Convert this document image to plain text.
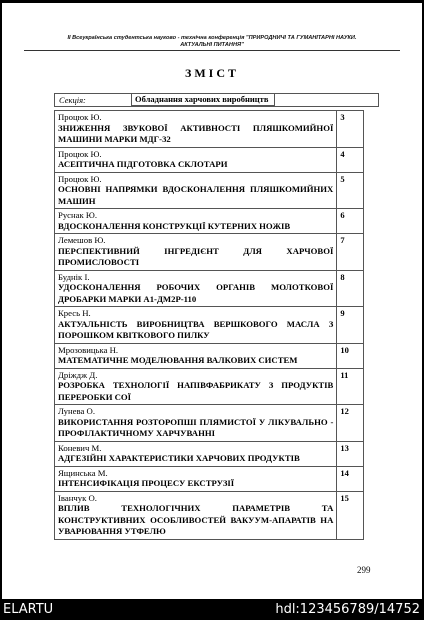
II Всеукраїнська студентська науково - технічна конференція "ПРИРОДНИЧІ ТА ГУМАНІТАРНІ НАУКИ.
АКТУАЛЬНІ ПИТАННЯ"
ЗМІСТ
Секція:	Обладнання харчових виробництв
Процюк Ю.
ЗНИЖЕННЯ ЗВУКОВОЇ АКТИВНОСТІ ПЛЯШКОМИЙНОЇ МАШИНИ МАРКИ МДГ-32	3

Процюк Ю.
АСЕПТИЧНА ПІДГОТОВКА СКЛОТАРИ	4

Процюк Ю.
ОСНОВНІ НАПРЯМКИ ВДОСКОНАЛЕННЯ ПЛЯШКОМИЙНИХ МАШИН	5

Руснак Ю.
ВДОСКОНАЛЕННЯ КОНСТРУКЦІЇ КУТЕРНИХ НОЖІВ	6

Лемешов Ю.
ПЕРСПЕКТИВНИЙ ІНГРЕДІЄНТ ДЛЯ ХАРЧОВОЇ ПРОМИСЛОВОСТІ	7

Буднік І.
УДОСКОНАЛЕННЯ РОБОЧИХ ОРГАНІВ МОЛОТКОВОЇ ДРОБАРКИ МАРКИ А1-ДМ2Р-110	8

Кресь Н.
АКТУАЛЬНІСТЬ ВИРОБНИЦТВА ВЕРШКОВОГО МАСЛА З ПОРОШКОМ КВІТКОВОГО ПИЛКУ	9

Мрозовицька Н.
МАТЕМАТИЧНЕ МОДЕЛЮВАННЯ ВАЛКОВИХ СИСТЕМ	10

Дріждж Д.
РОЗРОБКА ТЕХНОЛОГІЇ НАПІВФАБРИКАТУ З ПРОДУКТІВ ПЕРЕРОБКИ СОЇ	11

Лунева О.
ВИКОРИСТАННЯ РОЗТОРОПШІ ПЛЯМИСТОЇ У ЛІКУВАЛЬНО - ПРОФІЛАКТИЧНОМУ ХАРЧУВАННІ	12

Коневич М.
АДГЕЗІЙНІ ХАРАКТЕРИСТИКИ ХАРЧОВИХ ПРОДУКТІВ	13

Ящинська М.
ІНТЕНСИФІКАЦІЯ ПРОЦЕСУ ЕКСТРУЗІЇ	14

Іванчук О.
ВПЛИВ ТЕХНОЛОГІЧНИХ ПАРАМЕТРІВ ТА КОНСТРУКТИВНИХ ОСОБЛИВОСТЕЙ ВАКУУМ-АПАРАТІВ НА УВАРЮВАННЯ УТФЕЛЮ	15
299
ELARTU	hdl:123456789/14752
